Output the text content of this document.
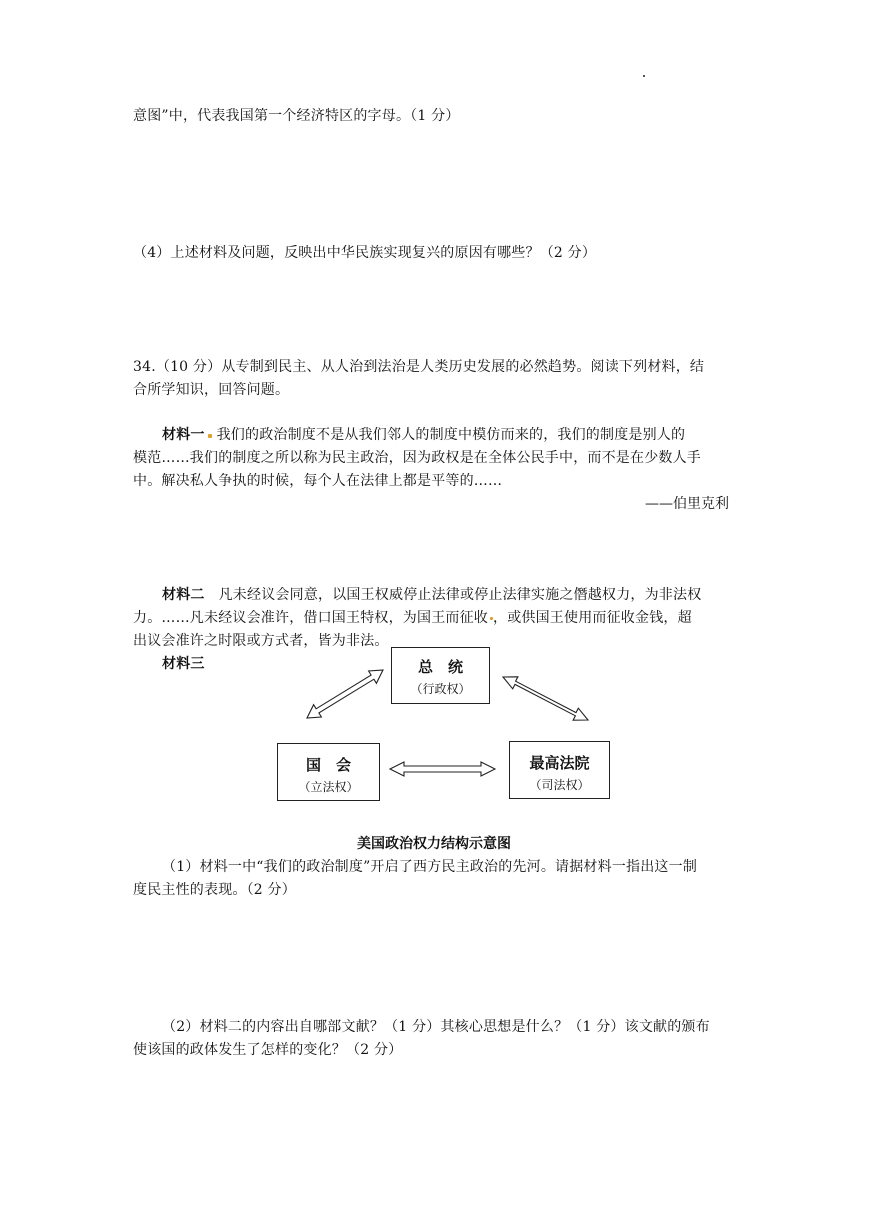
意图”中，代表我国第一个经济特区的字母。（1 分）
（4）上述材料及问题，反映出中华民族实现复兴的原因有哪些？（2 分）
34.（10 分）从专制到民主、从人治到法治是人类历史发展的必然趋势。阅读下列材料，结
合所学知识，回答问题。
材料一 我们的政治制度不是从我们邻人的制度中模仿而来的，我们的制度是别人的
模范……我们的制度之所以称为民主政治，因为政权是在全体公民手中，而不是在少数人手
中。解决私人争执的时候，每个人在法律上都是平等的……
——伯里克利
材料二 凡未经议会同意，以国王权威停止法律或停止法律实施之僭越权力，为非法权
力。……凡未经议会准许，借口国王特权，为国王而征收 ，或供国王使用而征收金钱，超
出议会准许之时限或方式者，皆为非法。
材料三	总　统
（行政权）
国　会
（立法权）
最高法院
（司法权）
美国政治权力结构示意图
（1）材料一中“我们的政治制度”开启了西方民主政治的先河。请据材料一指出这一制
度民主性的表现。（2 分）
（2）材料二的内容出自哪部文献？（1 分）其核心思想是什么？（1 分）该文献的颁布
使该国的政体发生了怎样的变化？（2 分）
